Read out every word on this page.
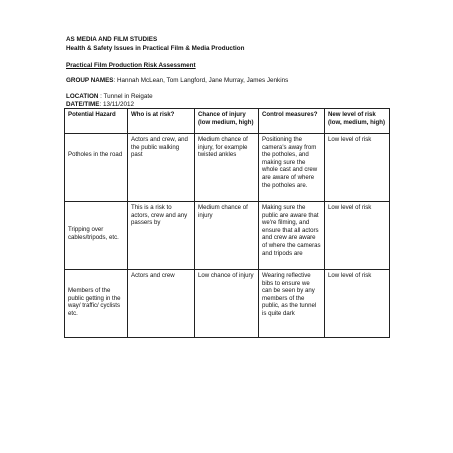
AS MEDIA AND FILM STUDIES
Health & Safety Issues in Practical Film & Media Production
Practical Film Production Risk Assessment
GROUP NAMES: Hannah McLean, Tom Langford, Jane Murray, James Jenkins
LOCATION : Tunnel in Reigate
DATE/TIME: 13/11/2012
Potential Hazard	Who is at risk?	Chance of injury (low medium, high)	Control measures?	New level of risk (low, medium, high)

Potholes in the road	Actors and crew, and the public walking past	Medium chance of injury, for example twisted ankles	Positioning the camera's away from the potholes, and making sure the whole cast and crew are aware of where the potholes are.	Low level of risk

Tripping over cables/tripods, etc.	This is a risk to actors, crew and any passers by	Medium chance of injury	Making sure the public are aware that we're filming, and ensure that all actors and crew are aware of where the cameras and tripods are	Low level of risk

Members of the public getting in the way/ traffic/ cyclists etc.	Actors and crew	Low chance of injury	Wearing reflective bibs to ensure we can be seen by any members of the public, as the tunnel is quite dark	Low level of risk
